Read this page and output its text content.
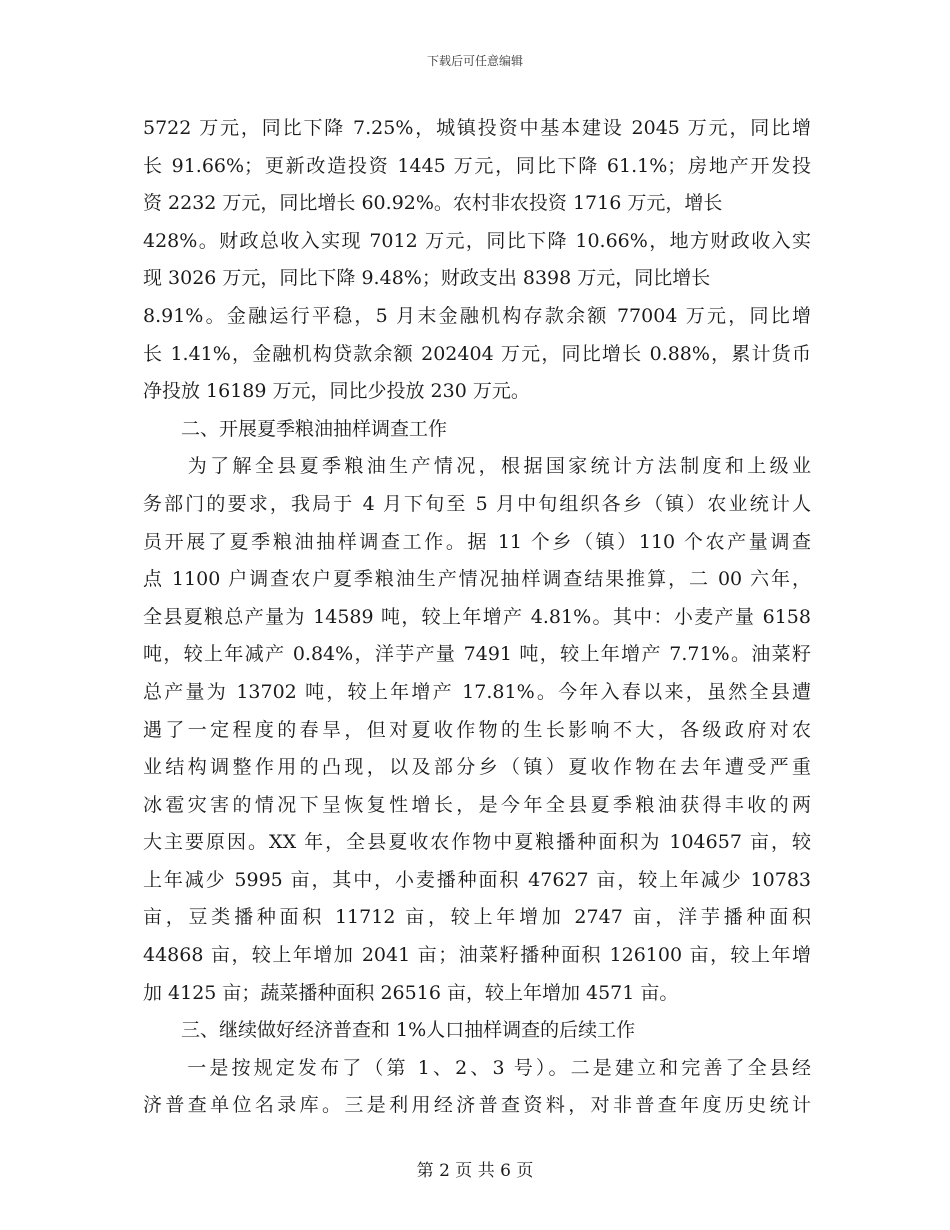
下载后可任意编辑
5722 万元，同比下降 7.25%，城镇投资中基本建设 2045 万元，同比增
长 91.66%；更新改造投资 1445 万元，同比下降 61.1%；房地产开发投
资 2232 万元，同比增长 60.92%。农村非农投资 1716 万元，增长
428%。财政总收入实现 7012 万元，同比下降 10.66%，地方财政收入实
现 3026 万元，同比下降 9.48%；财政支出 8398 万元，同比增长
8.91%。金融运行平稳，5 月末金融机构存款余额 77004 万元，同比增
长 1.41%，金融机构贷款余额 202404 万元，同比增长 0.88%，累计货币
净投放 16189 万元，同比少投放 230 万元。
　　二、开展夏季粮油抽样调查工作
　　为了解全县夏季粮油生产情况，根据国家统计方法制度和上级业
务部门的要求，我局于 4 月下旬至 5 月中旬组织各乡（镇）农业统计人
员开展了夏季粮油抽样调查工作。据 11 个乡（镇）110 个农产量调查
点 1100 户调查农户夏季粮油生产情况抽样调查结果推算，二 00 六年，
全县夏粮总产量为 14589 吨，较上年增产 4.81%。其中：小麦产量 6158
吨，较上年减产 0.84%，洋芋产量 7491 吨，较上年增产 7.71%。油菜籽
总产量为 13702 吨，较上年增产 17.81%。今年入春以来，虽然全县遭
遇了一定程度的春旱，但对夏收作物的生长影响不大，各级政府对农
业结构调整作用的凸现，以及部分乡（镇）夏收作物在去年遭受严重
冰雹灾害的情况下呈恢复性增长，是今年全县夏季粮油获得丰收的两
大主要原因。XX 年，全县夏收农作物中夏粮播种面积为 104657 亩，较
上年减少 5995 亩，其中，小麦播种面积 47627 亩，较上年减少 10783
亩，豆类播种面积 11712 亩，较上年增加 2747 亩，洋芋播种面积
44868 亩，较上年增加 2041 亩；油菜籽播种面积 126100 亩，较上年增
加 4125 亩；蔬菜播种面积 26516 亩，较上年增加 4571 亩。
　　三、继续做好经济普查和 1%人口抽样调查的后续工作
　　一是按规定发布了（第 1、2、3 号）。二是建立和完善了全县经
济普查单位名录库。三是利用经济普查资料，对非普查年度历史统计
第 2 页 共 6 页
